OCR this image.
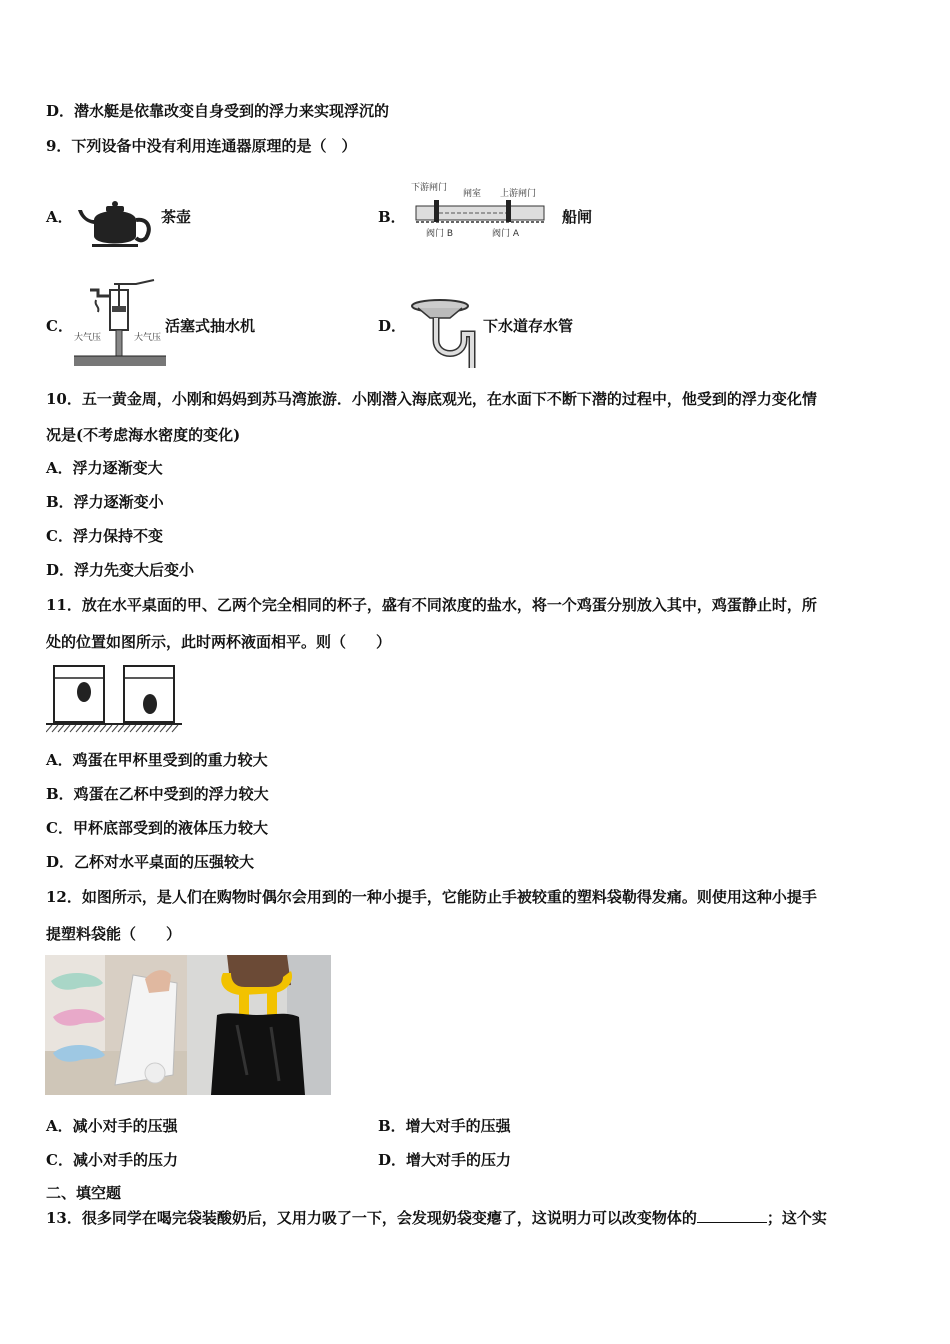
D．潜水艇是依靠改变自身受到的浮力来实现浮沉的
9．下列设备中没有利用连通器原理的是（　）
A．	茶壶	B．
下游闸门
闸室 上游闸门
阀门 B	阀门 A
船闸
C．
大气压	大气压
活塞式抽水机	D．	下水道存水管
10．五一黄金周，小刚和妈妈到苏马湾旅游．小刚潜入海底观光，在水面下不断下潜的过程中，他受到的浮力变化情
况是(不考虑海水密度的变化)
A．浮力逐渐变大
B．浮力逐渐变小
C．浮力保持不变
D．浮力先变大后变小
11．放在水平桌面的甲、乙两个完全相同的杯子，盛有不同浓度的盐水，将一个鸡蛋分别放入其中，鸡蛋静止时，所
处的位置如图所示，此时两杯液面相平。则（　　）
A．鸡蛋在甲杯里受到的重力较大
B．鸡蛋在乙杯中受到的浮力较大
C．甲杯底部受到的液体压力较大
D．乙杯对水平桌面的压强较大
12．如图所示，是人们在购物时偶尔会用到的一种小提手，它能防止手被较重的塑料袋勒得发痛。则使用这种小提手
提塑料袋能（　　）
A．减小对手的压强	B．增大对手的压强
C．减小对手的压力	D．增大对手的压力
二、填空题
13．很多同学在喝完袋装酸奶后，又用力吸了一下，会发现奶袋变瘪了，这说明力可以改变物体的	；这个实
